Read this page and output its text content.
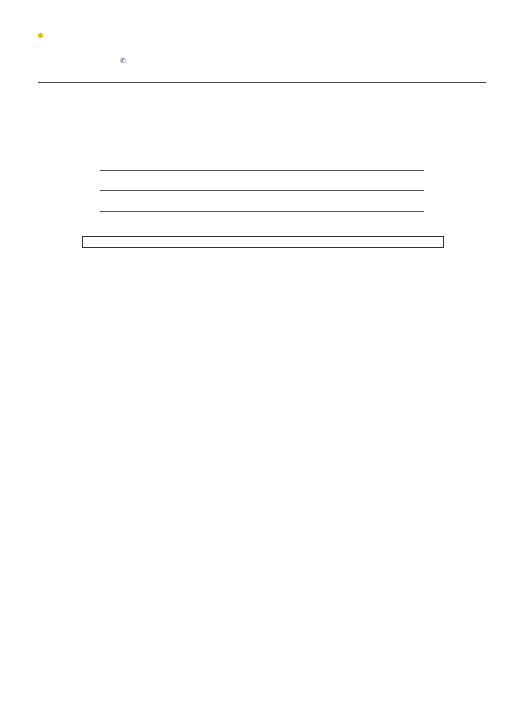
✆
